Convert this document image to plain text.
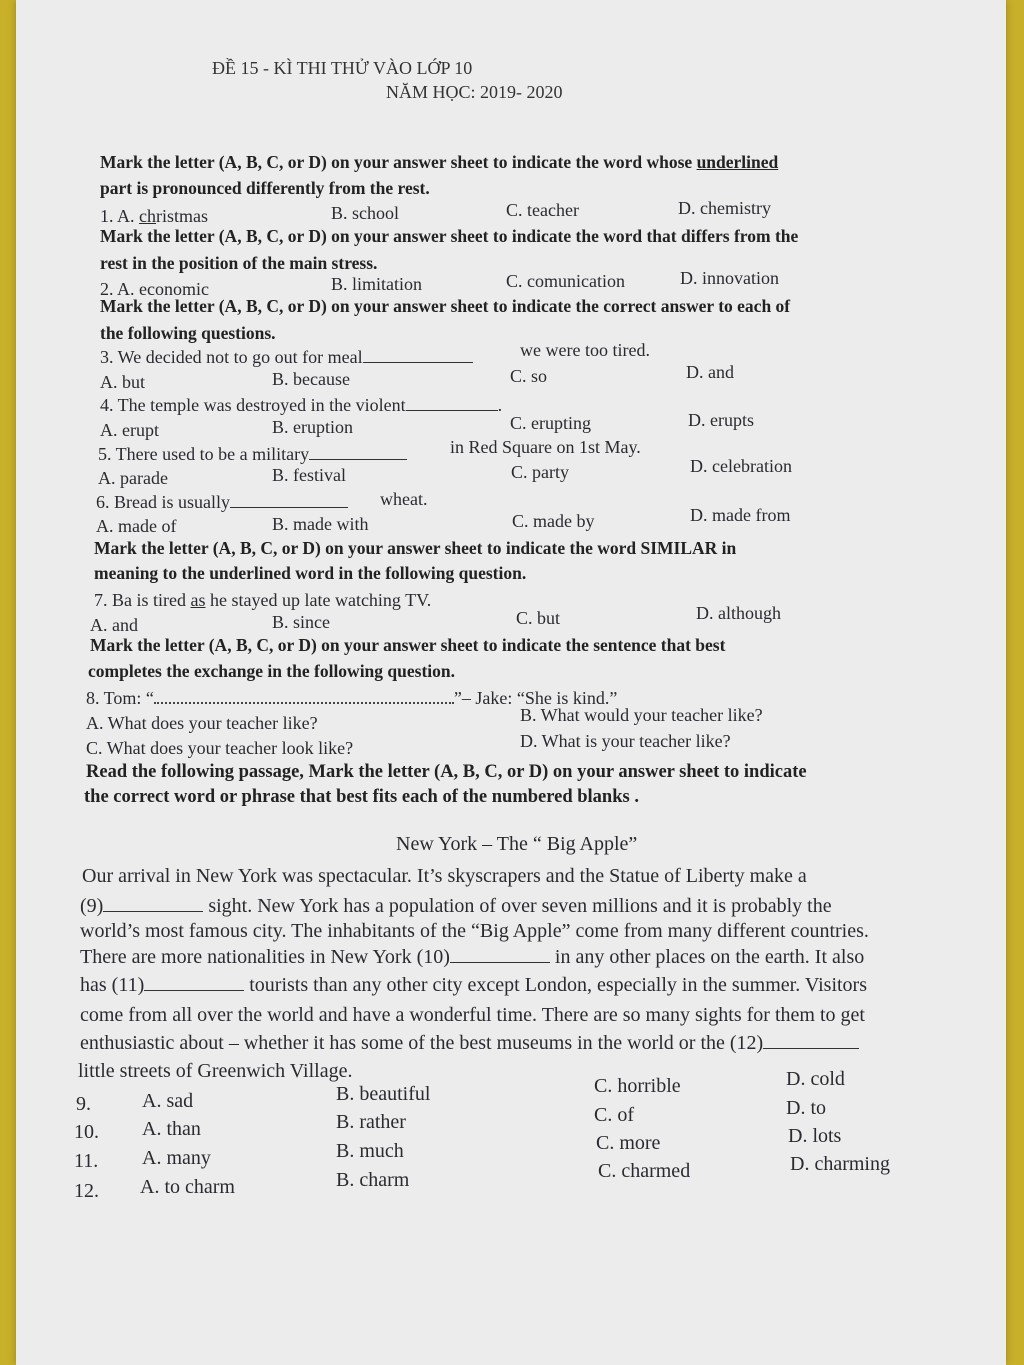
ĐỀ 15 - KÌ THI THỬ VÀO LỚP 10
NĂM HỌC: 2019- 2020
Mark the letter (A, B, C, or D) on your answer sheet to indicate the word whose underlined
part is pronounced differently from the rest.
1. A. christmas	B. school	C. teacher	D. chemistry
Mark the letter (A, B, C, or D) on your answer sheet to indicate the word that differs from the
rest in the position of the main stress.
2. A. economic	B. limitation	C. comunication	D. innovation
Mark the letter (A, B, C, or D) on your answer sheet to indicate the correct answer to each of
the following questions.
3. We decided not to go out for meal	we were too tired.
A. but	B. because	C. so	D. and
4. The temple was destroyed in the violent	.
A. erupt	B. eruption	C. erupting	D. erupts
5. There used to be a military	in Red Square on 1st May.
A. parade	B. festival	C. party	D. celebration
6. Bread is usually	wheat.
A. made of	B. made with	C. made by	D. made from
Mark the letter (A, B, C, or D) on your answer sheet to indicate the word SIMILAR in
meaning to the underlined word in the following question.
7. Ba is tired as he stayed up late watching TV.
A. and	B. since	C. but	D. although
Mark the letter (A, B, C, or D) on your answer sheet to indicate the sentence that best
completes the exchange in the following question.
8. Tom: “	”– Jake: “She is kind.”
A. What does your teacher like?	B. What would your teacher like?
C. What does your teacher look like?	D. What is your teacher like?
Read the following passage, Mark the letter (A, B, C, or D) on your answer sheet to indicate
the correct word or phrase that best fits each of the numbered blanks .
New York – The “ Big Apple”
Our arrival in New York was spectacular. It’s skyscrapers and the Statue of Liberty make a
(9)	sight. New York has a population of over seven millions and it is probably the
world’s most famous city. The inhabitants of the “Big Apple” come from many different countries.
There are more nationalities in New York (10)	in any other places on the earth. It also
has (11)	tourists than any other city except London, especially in the summer. Visitors
come from all over the world and have a wonderful time. There are so many sights for them to get
enthusiastic about – whether it has some of the best museums in the world or the (12)
little streets of Greenwich Village.
9.	A. sad	B. beautiful	C. horrible	D. cold
10. A. than	B. rather	C. of	D. to
11. A. many	B. much	C. more	D. lots
12. A. to charm	B. charm	C. charmed	D. charming
